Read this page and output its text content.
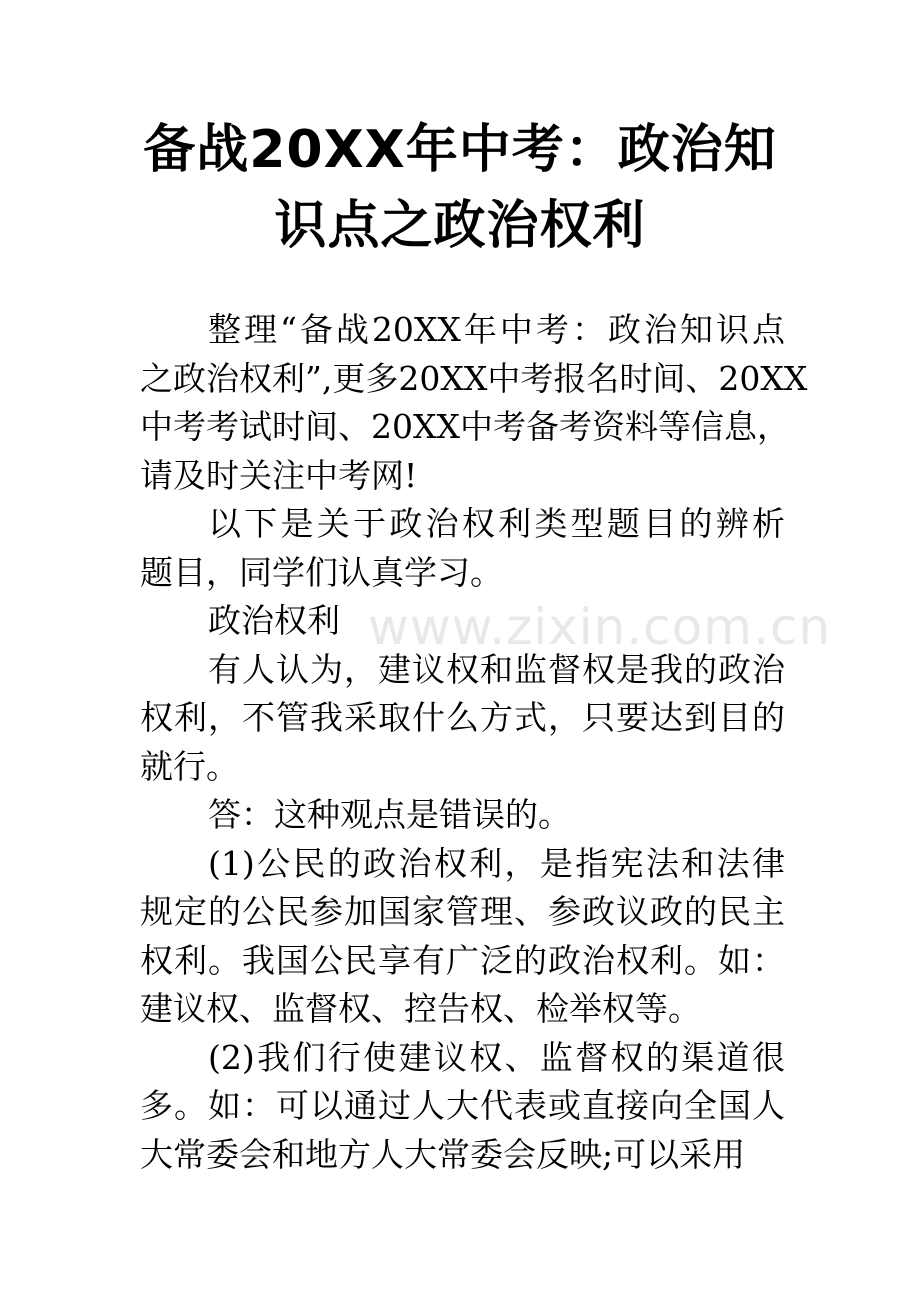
备战20XX年中考：政治知
识点之政治权利
www.zixin.com.cn
整理“备战20XX年中考：政治知识点
之政治权利”,更多20XX中考报名时间、20XX
中考考试时间、20XX中考备考资料等信息，
请及时关注中考网!
以下是关于政治权利类型题目的辨析
题目，同学们认真学习。
政治权利
有人认为，建议权和监督权是我的政治
权利，不管我采取什么方式，只要达到目的
就行。
答：这种观点是错误的。
(1)公民的政治权利，是指宪法和法律
规定的公民参加国家管理、参政议政的民主
权利。我国公民享有广泛的政治权利。如：
建议权、监督权、控告权、检举权等。
(2)我们行使建议权、监督权的渠道很
多。如：可以通过人大代表或直接向全国人
大常委会和地方人大常委会反映;可以采用
